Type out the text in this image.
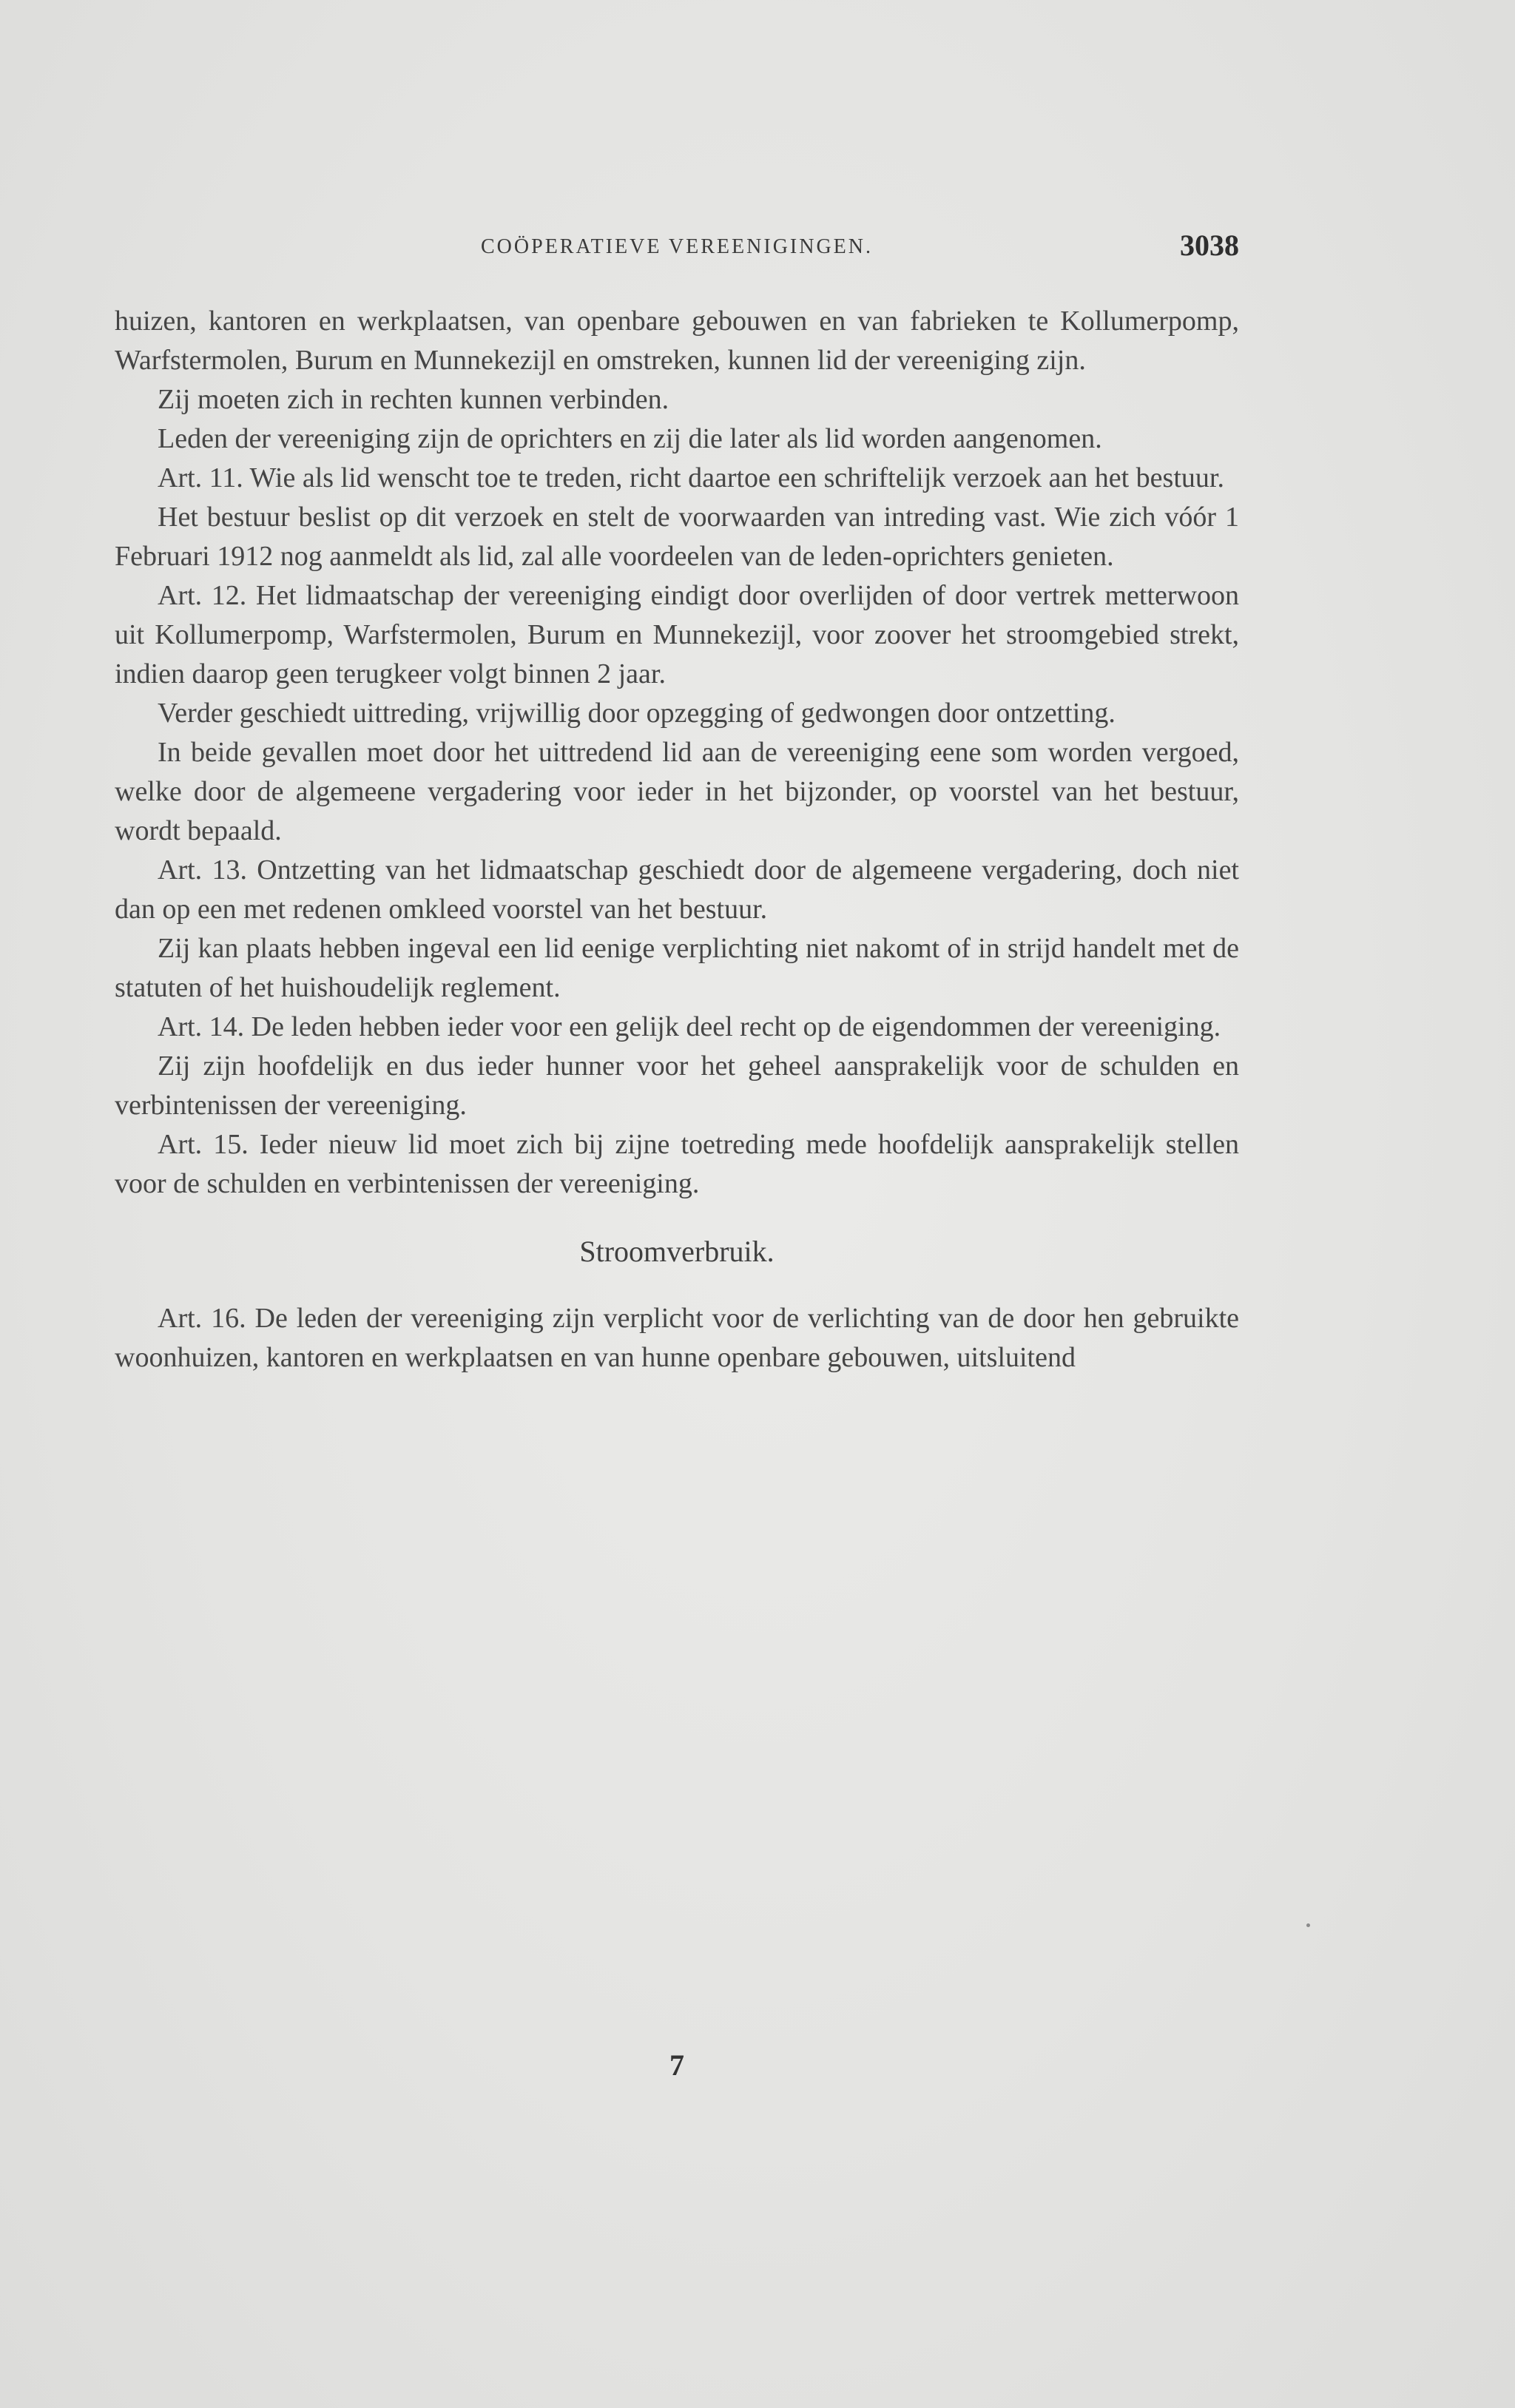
COÖPERATIEVE VEREENIGINGEN.	3038

huizen, kantoren en werkplaatsen, van openbare gebouwen en van fabrieken te Kollumerpomp, Warfstermolen, Burum en Munnekezijl en omstreken, kunnen lid der vereeniging zijn.

Zij moeten zich in rechten kunnen verbinden.

Leden der vereeniging zijn de oprichters en zij die later als lid worden aangenomen.

Art. 11. Wie als lid wenscht toe te treden, richt daartoe een schriftelijk verzoek aan het bestuur.

Het bestuur beslist op dit verzoek en stelt de voorwaarden van intreding vast. Wie zich vóór 1 Februari 1912 nog aanmeldt als lid, zal alle voordeelen van de leden-oprichters genieten.

Art. 12. Het lidmaatschap der vereeniging eindigt door overlijden of door vertrek metterwoon uit Kollumerpomp, Warfstermolen, Burum en Munnekezijl, voor zoover het stroomgebied strekt, indien daarop geen terugkeer volgt binnen 2 jaar.

Verder geschiedt uittreding, vrijwillig door opzegging of gedwongen door ontzetting.

In beide gevallen moet door het uittredend lid aan de vereeniging eene som worden vergoed, welke door de algemeene vergadering voor ieder in het bijzonder, op voorstel van het bestuur, wordt bepaald.

Art. 13. Ontzetting van het lidmaatschap geschiedt door de algemeene vergadering, doch niet dan op een met redenen omkleed voorstel van het bestuur.

Zij kan plaats hebben ingeval een lid eenige verplichting niet nakomt of in strijd handelt met de statuten of het huishoudelijk reglement.

Art. 14. De leden hebben ieder voor een gelijk deel recht op de eigendommen der vereeniging.

Zij zijn hoofdelijk en dus ieder hunner voor het geheel aansprakelijk voor de schulden en verbintenissen der vereeniging.

Art. 15. Ieder nieuw lid moet zich bij zijne toetreding mede hoofdelijk aansprakelijk stellen voor de schulden en verbintenissen der vereeniging.

Stroomverbruik.

Art. 16. De leden der vereeniging zijn verplicht voor de verlichting van de door hen gebruikte woonhuizen, kantoren en werkplaatsen en van hunne openbare gebouwen, uitsluitend

7
